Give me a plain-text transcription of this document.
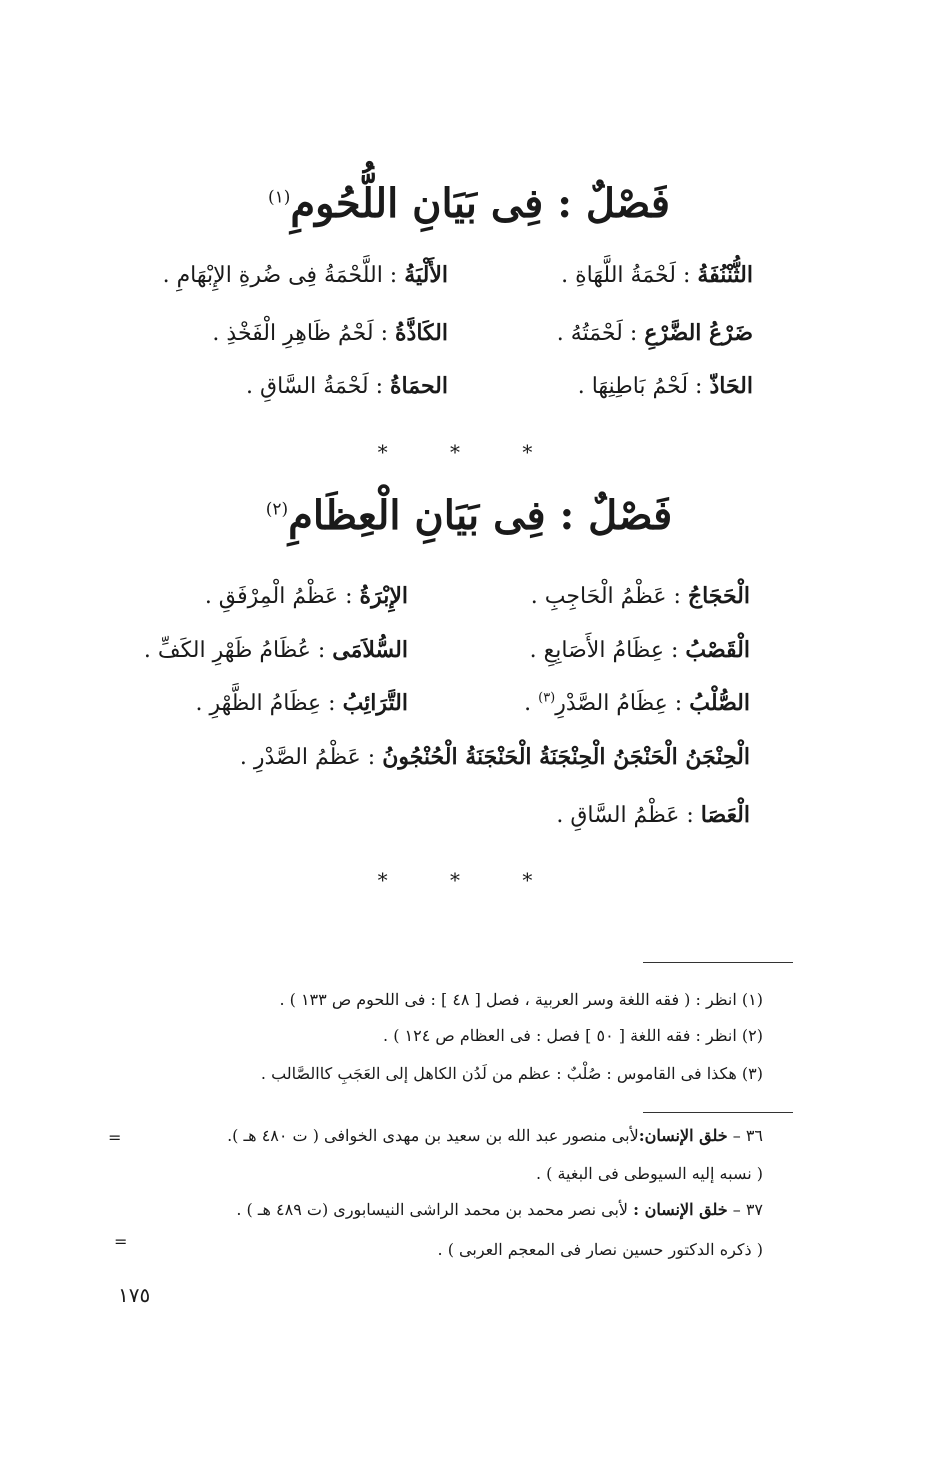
فَصْلٌ : فِى بَيَانِ اللُّحُومِ$^{(١)}$
الثُّنْنُفَةُ : لَحْمَةُ اللَّهَاةِ .
الأَلْيَةُ : اللَّحْمَةُ فِى ضُرةِ الإِبْهَامِ .
ضَرْعُ الضَّرْعِ : لَحْمَتُهُ .
الكَاذَّةُ : لَحْمُ ظَاهِرِ الْفَخْذِ .
الحَاذّ : لَحْمُ بَاطِنِهَا .
الحمَاةُ : لَحْمَةُ السَّاقِ .
* * *
فَصْلٌ : فِى بَيَانِ الْعِظَامِ$^{(٢)}$
الْحَجَاجُ : عَظْمُ الْحَاجِبِ .
الإِبْرَةُ : عَظْمُ الْمِرْفَقِ .
الْقَصْبُ : عِظَامُ الأَصَابِعِ .
السُّلاَمَى : عُظَامُ ظَهْرِ الكَفِّ .
الصُّلْبُ : عِظَامُ الصَّدْرِ$^{(٣)}$ .
التَّرَائِبُ : عِظَامُ الظَّهْرِ .
الْحِنْجَنُ الْحَنْجَنُ الْحِنْجَنَةُ الْحَنْجَنَةُ الْحُنْجُونُ : عَظْمُ الصَّدْرِ .
الْعَصَا : عَظْمُ السَّاقِ .
* * *
(١) انظر : ( فقه اللغة وسر العربية ، فصل [ ٤٨ ] : فى اللحوم ص ١٣٣ ) .
(٢) انظر : فقه اللغة [ ٥٠ ] فصل : فى العظام ص ١٢٤ ) .
(٣) هكذا فى القاموس : صُلْبٌ : عظم من لَدُن الكاهل إلى العَجَبِ كاالصَّالب .
=	٣٦ – خلق الإنسان:لأبى منصور عبد الله بن سعيد بن مهدى الخوافى ( ت ٤٨٠ هـ ).
( نسبه إليه السيوطى فى البغية ) .
٣٧ – خلق الإنسان : لأبى نصر محمد بن محمد الراشى النيسابورى (ت ٤٨٩ هـ ) .
=	( ذكره الدكتور حسين نصار فى المعجم العربى ) .
١٧٥
